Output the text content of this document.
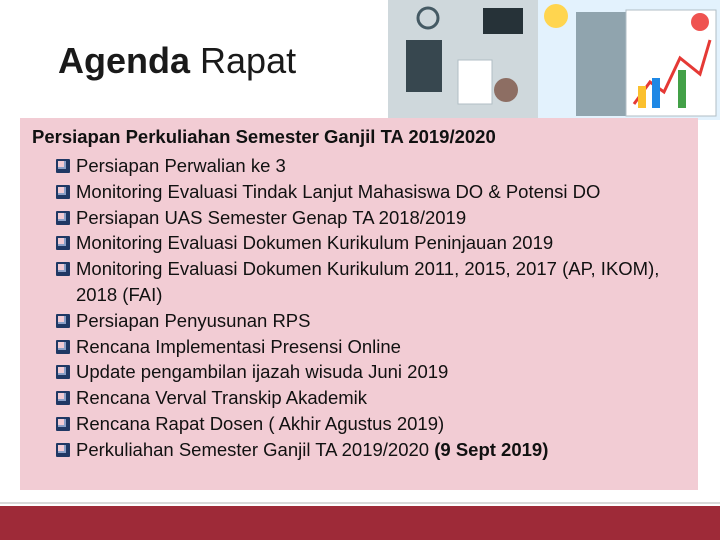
Agenda Rapat
Persiapan Perkuliahan Semester Ganjil TA 2019/2020
Persiapan Perwalian ke 3
Monitoring Evaluasi Tindak Lanjut Mahasiswa DO & Potensi DO
Persiapan UAS Semester Genap TA 2018/2019
Monitoring Evaluasi Dokumen Kurikulum Peninjauan 2019
Monitoring Evaluasi Dokumen Kurikulum 2011, 2015, 2017 (AP, IKOM), 2018 (FAI)
Persiapan Penyusunan RPS
Rencana Implementasi Presensi Online
Update pengambilan ijazah wisuda Juni 2019
Rencana Verval Transkip Akademik
Rencana Rapat Dosen ( Akhir Agustus 2019)
Perkuliahan Semester Ganjil TA 2019/2020 (9 Sept 2019)
